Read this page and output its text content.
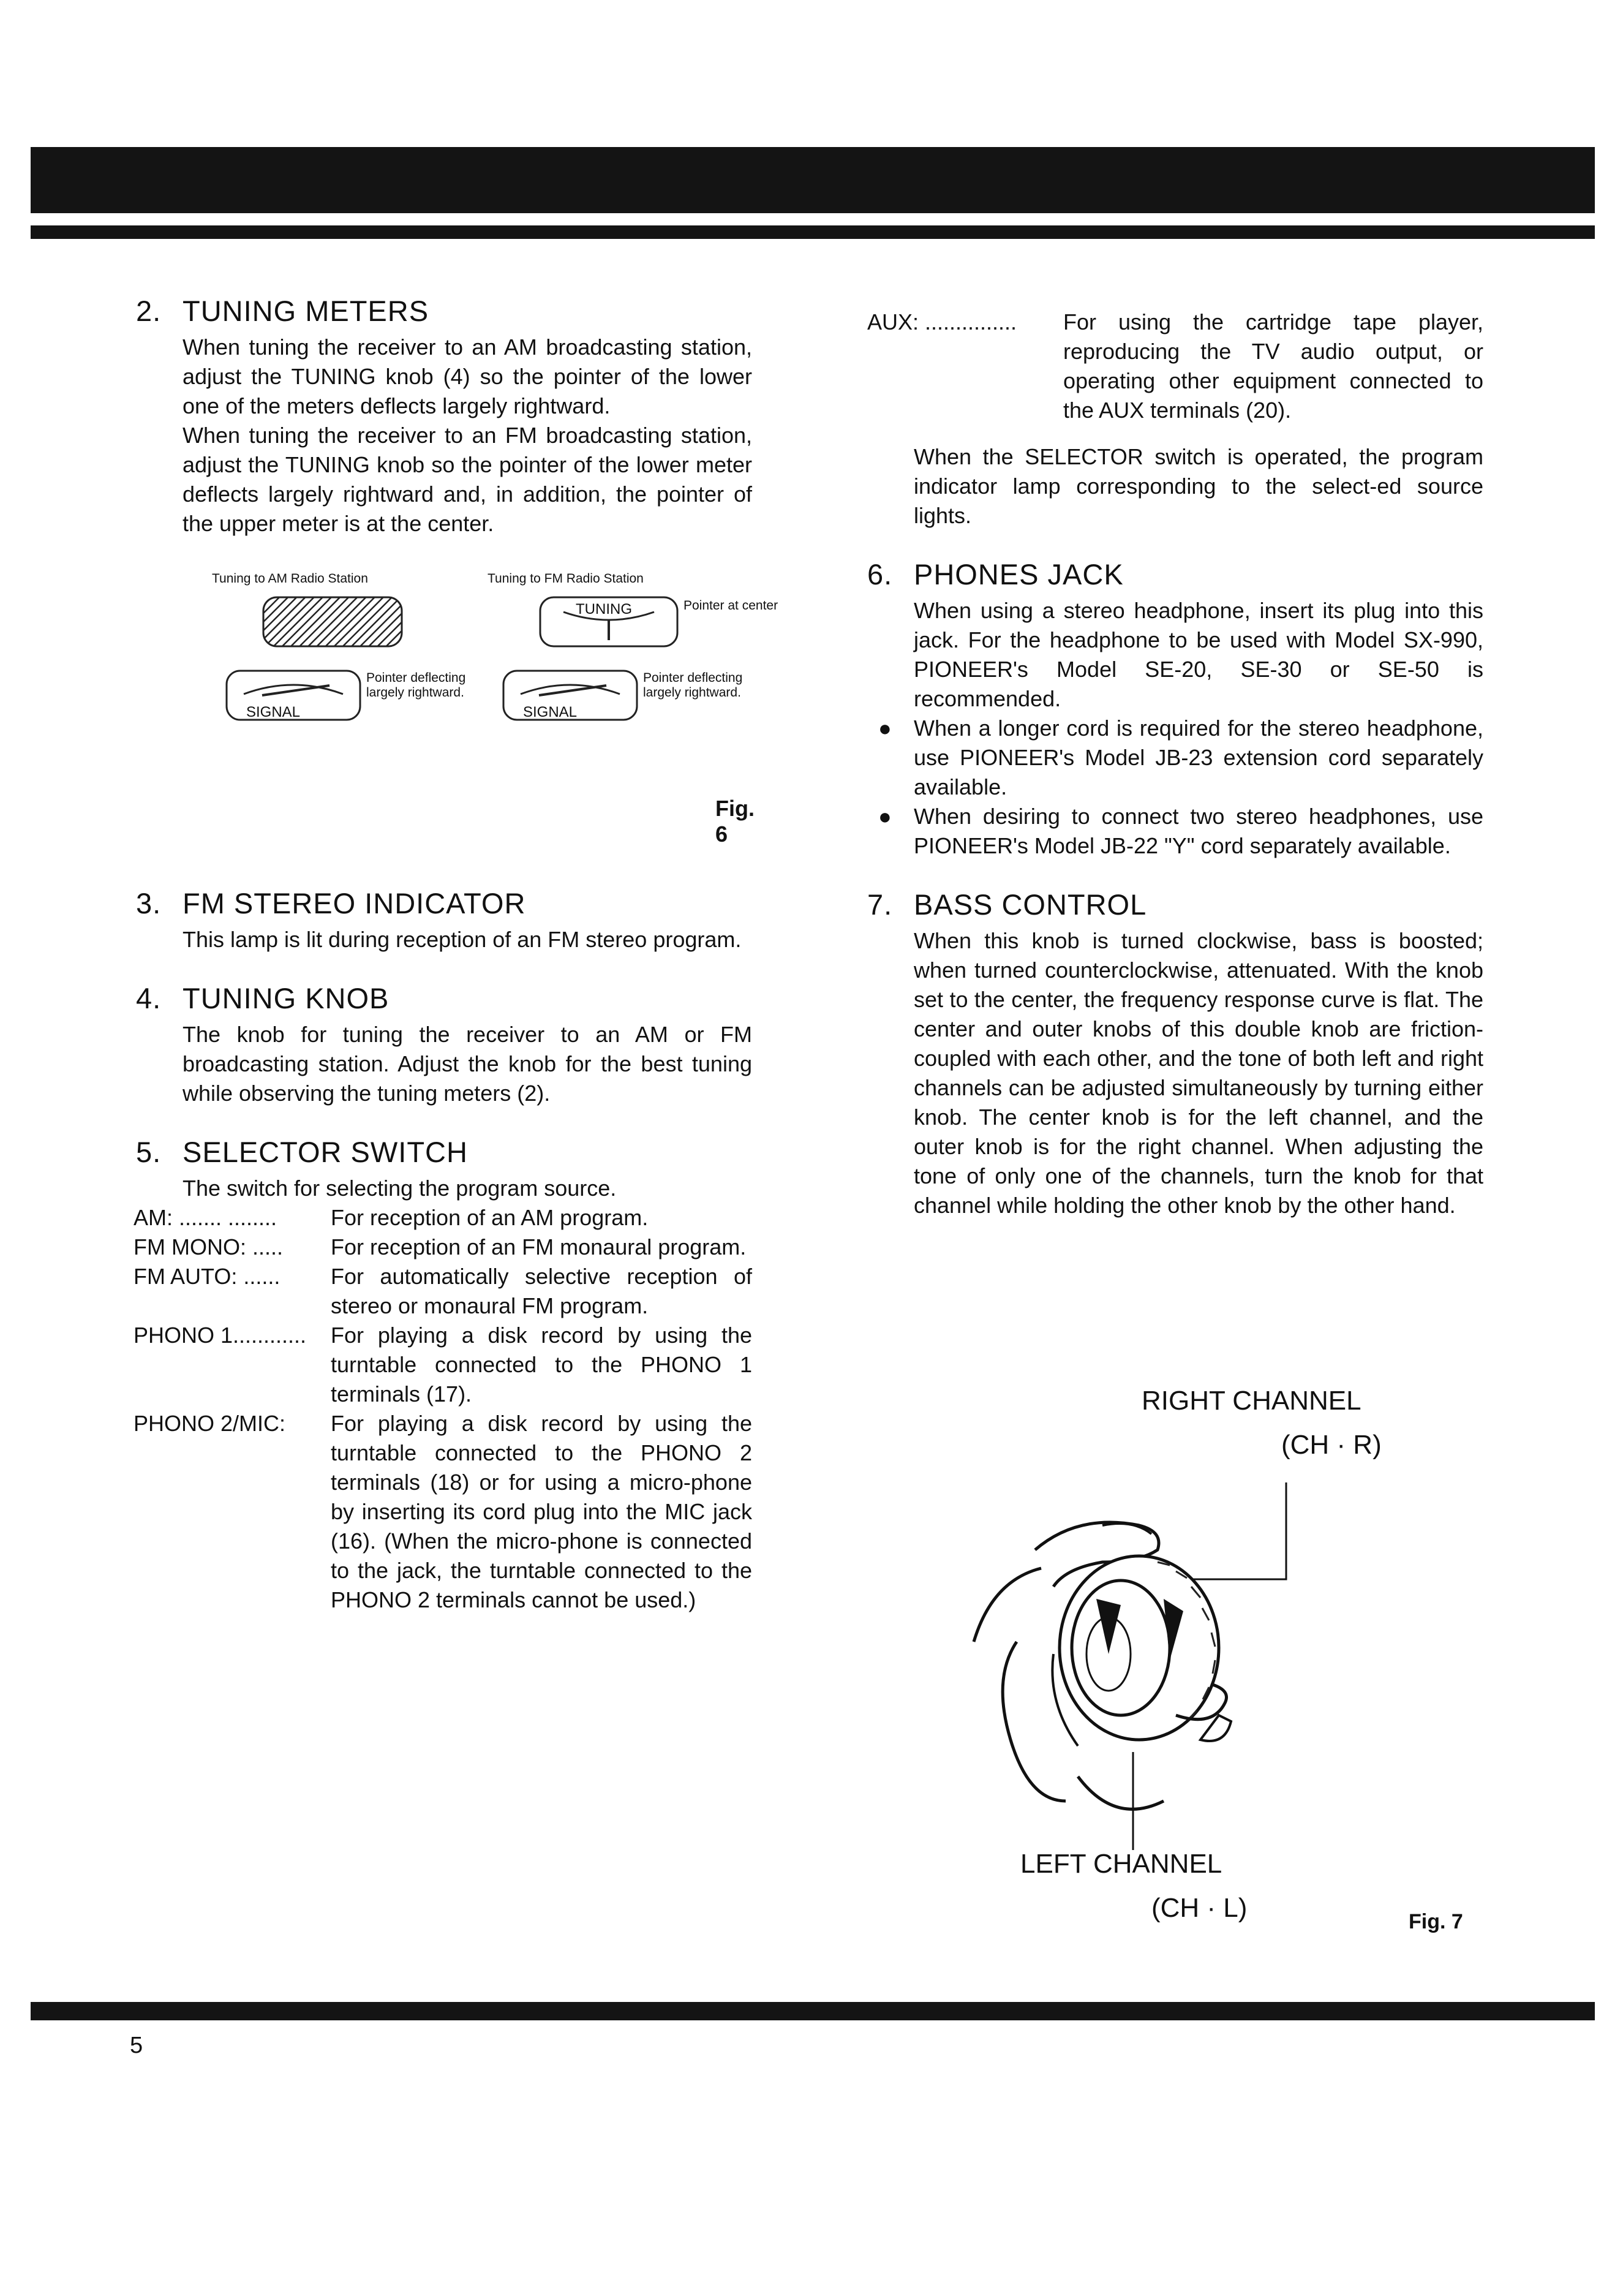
2. TUNING METERS
When tuning the receiver to an AM broadcasting station, adjust the TUNING knob (4) so the pointer of the lower one of the meters deflects largely rightward.
When tuning the receiver to an FM broadcasting station, adjust the TUNING knob so the pointer of the lower meter deflects largely rightward and, in addition, the pointer of the upper meter is at the center.
Tuning to AM Radio Station	Tuning to FM Radio Station
TUNING	Pointer at center
SIGNAL
Pointer deflecting
largely rightward.
SIGNAL
Pointer deflecting
largely rightward.
Fig. 6
3. FM STEREO INDICATOR
This lamp is lit during reception of an FM stereo program.
4. TUNING KNOB
The knob for tuning the receiver to an AM or FM broadcasting station. Adjust the knob for the best tuning while observing the tuning meters (2).
5. SELECTOR SWITCH
The switch for selecting the program source.
AM: ....... ........	For reception of an AM program.
FM MONO: .....	For reception of an FM monaural program.
FM AUTO: ......	For automatically selective reception of stereo or monaural FM program.
PHONO 1............	For playing a disk record by using the turntable connected to the PHONO 1 terminals (17).
PHONO 2/MIC:	For playing a disk record by using the turntable connected to the PHONO 2 terminals (18) or for using a micro-phone by inserting its cord plug into the MIC jack (16). (When the micro-phone is connected to the jack, the turntable connected to the PHONO 2 terminals cannot be used.)
AUX: ...............	For using the cartridge tape player, reproducing the TV audio output, or operating other equipment connected to the AUX terminals (20).
When the SELECTOR switch is operated, the program indicator lamp corresponding to the select-ed source lights.
6. PHONES JACK
When using a stereo headphone, insert its plug into this jack. For the headphone to be used with Model SX-990, PIONEER's Model SE-20, SE-30 or SE-50 is recommended.
● When a longer cord is required for the stereo headphone, use PIONEER's Model JB-23 extension cord separately available.
● When desiring to connect two stereo headphones, use PIONEER's Model JB-22 "Y" cord separately available.
7. BASS CONTROL
When this knob is turned clockwise, bass is boosted; when turned counterclockwise, attenuated. With the knob set to the center, the frequency response curve is flat. The center and outer knobs of this double knob are friction-coupled with each other, and the tone of both left and right channels can be adjusted simultaneously by turning either knob. The center knob is for the left channel, and the outer knob is for the right channel. When adjusting the tone of only one of the channels, turn the knob for that channel while holding the other knob by the other hand.
RIGHT CHANNEL
(CH · R)
LEFT CHANNEL
(CH · L)	Fig. 7
5
